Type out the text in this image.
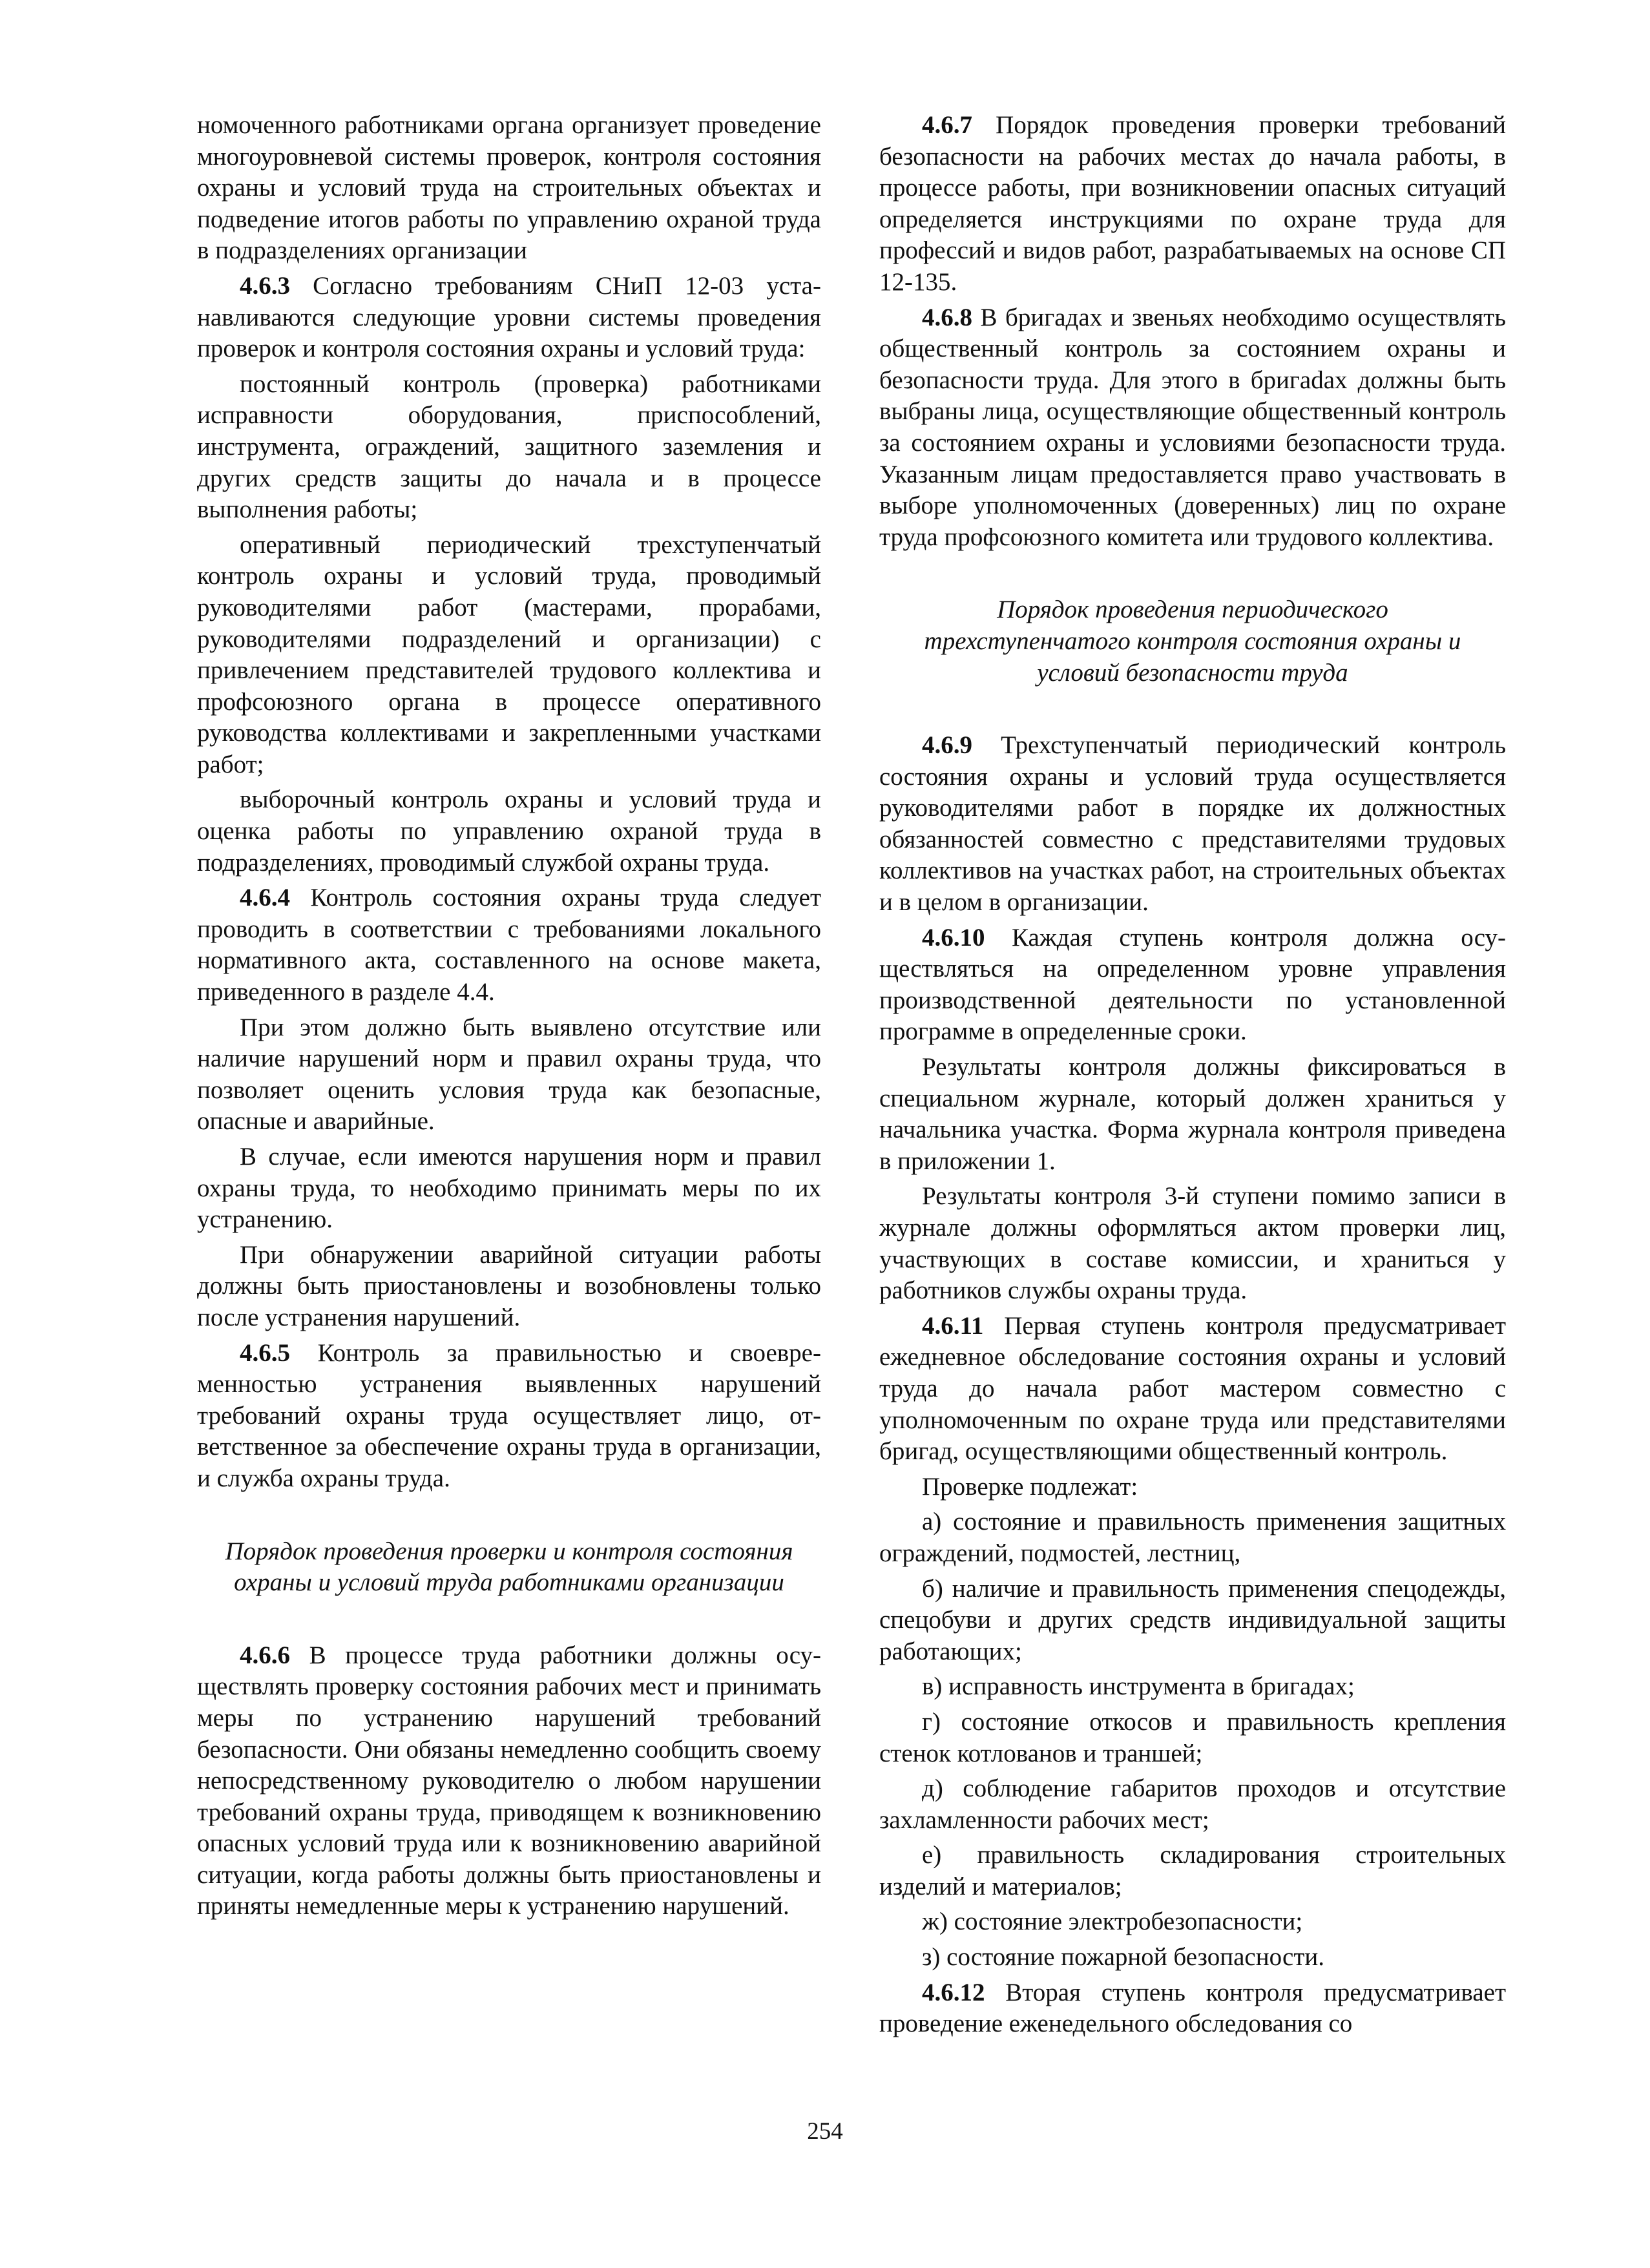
номоченного работниками органа организует проведение многоуровневой системы проверок, контроля состояния охраны и условий труда на строительных объектах и подведение итогов работы по управлению охраной труда в подразделениях организации

4.6.3 Согласно требованиям СНиП 12-03 устанавливаются следующие уровни системы проведения проверок и контроля состояния охраны и условий труда:

постоянный контроль (проверка) работниками исправности оборудования, приспособлений, инструмента, ограждений, защитного заземления и других средств защиты до начала и в процессе выполнения работы;

оперативный периодический трехступенчатый контроль охраны и условий труда, проводимый руководителями работ (мастерами, прорабами, руководителями подразделений и организации) с привлечением представителей трудового коллектива и профсоюзного органа в процессе оперативного руководства коллективами и закрепленными участками работ;

выборочный контроль охраны и условий труда и оценка работы по управлению охраной труда в подразделениях, проводимый службой охраны труда.

4.6.4 Контроль состояния охраны труда следует проводить в соответствии с требованиями локального нормативного акта, составленного на основе макета, приведенного в разделе 4.4.

При этом должно быть выявлено отсутствие или наличие нарушений норм и правил охраны труда, что позволяет оценить условия труда как безопасные, опасные и аварийные.

В случае, если имеются нарушения норм и правил охраны труда, то необходимо принимать меры по их устранению.

При обнаружении аварийной ситуации работы должны быть приостановлены и возобновлены только после устранения нарушений.

4.6.5 Контроль за правильностью и своевременностью устранения выявленных нарушений требований охраны труда осуществляет лицо, ответственное за обеспечение охраны труда в организации, и служба охраны труда.

Порядок проведения проверки и контроля состояния охраны и условий труда работниками организации

4.6.6 В процессе труда работники должны осуществлять проверку состояния рабочих мест и принимать меры по устранению нарушений требований безопасности. Они обязаны немедленно сообщить своему непосредственному руководителю о любом нарушении требований охраны труда, приводящем к возникновению опасных условий труда или к возникновению аварийной ситуации, когда работы должны быть приостановлены и приняты немедленные меры к устранению нарушений.

4.6.7 Порядок проведения проверки требований безопасности на рабочих местах до начала работы, в процессе работы, при возникновении опасных ситуаций определяется инструкциями по охране труда для профессий и видов работ, разрабатываемых на основе СП 12-135.

4.6.8 В бригадах и звеньях необходимо осуществлять общественный контроль за состоянием охраны и безопасности труда. Для этого в бригаdах должны быть выбраны лица, осуществляющие общественный контроль за состоянием охраны и условиями безопасности труда. Указанным лицам предоставляется право участвовать в выборе уполномоченных (доверенных) лиц по охране труда профсоюзного комитета или трудового коллектива.

Порядок проведения периодического трехступенчатого контроля состояния охраны и условий безопасности труда

4.6.9 Трехступенчатый периодический контроль состояния охраны и условий труда осуществляется руководителями работ в порядке их должностных обязанностей совместно с представителями трудовых коллективов на участках работ, на строительных объектах и в целом в организации.

4.6.10 Каждая ступень контроля должна осуществляться на определенном уровне управления производственной деятельности по установленной программе в определенные сроки.

Результаты контроля должны фиксироваться в специальном журнале, который должен храниться у начальника участка. Форма журнала контроля приведена в приложении 1.

Результаты контроля 3-й ступени помимо записи в журнале должны оформляться актом проверки лиц, участвующих в составе комиссии, и храниться у работников службы охраны труда.

4.6.11 Первая ступень контроля предусматривает ежедневное обследование состояния охраны и условий труда до начала работ мастером совместно с уполномоченным по охране труда или представителями бригад, осуществляющими общественный контроль.

Проверке подлежат:

а) состояние и правильность применения защитных ограждений, подмостей, лестниц,

б) наличие и правильность применения спецодежды, спецобуви и других средств индивидуальной защиты работающих;

в) исправность инструмента в бригадах;

г) состояние откосов и правильность крепления стенок котлованов и траншей;

д) соблюдение габаритов проходов и отсутствие захламленности рабочих мест;

е) правильность складирования строительных изделий и материалов;

ж) состояние электробезопасности;

з) состояние пожарной безопасности.

4.6.12 Вторая ступень контроля предусматривает проведение еженедельного обследования со

254
